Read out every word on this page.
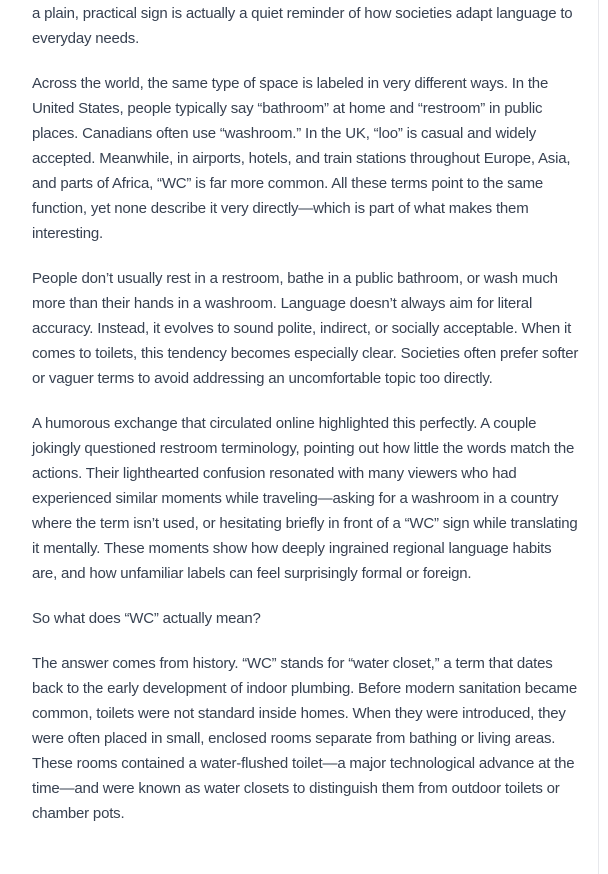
a plain, practical sign is actually a quiet reminder of how societies adapt language to everyday needs.

Across the world, the same type of space is labeled in very different ways. In the United States, people typically say “bathroom” at home and “restroom” in public places. Canadians often use “washroom.” In the UK, “loo” is casual and widely accepted. Meanwhile, in airports, hotels, and train stations throughout Europe, Asia, and parts of Africa, “WC” is far more common. All these terms point to the same function, yet none describe it very directly—which is part of what makes them interesting.

People don’t usually rest in a restroom, bathe in a public bathroom, or wash much more than their hands in a washroom. Language doesn’t always aim for literal accuracy. Instead, it evolves to sound polite, indirect, or socially acceptable. When it comes to toilets, this tendency becomes especially clear. Societies often prefer softer or vaguer terms to avoid addressing an uncomfortable topic too directly.

A humorous exchange that circulated online highlighted this perfectly. A couple jokingly questioned restroom terminology, pointing out how little the words match the actions. Their lighthearted confusion resonated with many viewers who had experienced similar moments while traveling—asking for a washroom in a country where the term isn’t used, or hesitating briefly in front of a “WC” sign while translating it mentally. These moments show how deeply ingrained regional language habits are, and how unfamiliar labels can feel surprisingly formal or foreign.

So what does “WC” actually mean?

The answer comes from history. “WC” stands for “water closet,” a term that dates back to the early development of indoor plumbing. Before modern sanitation became common, toilets were not standard inside homes. When they were introduced, they were often placed in small, enclosed rooms separate from bathing or living areas. These rooms contained a water-flushed toilet—a major technological advance at the time—and were known as water closets to distinguish them from outdoor toilets or chamber pots.
